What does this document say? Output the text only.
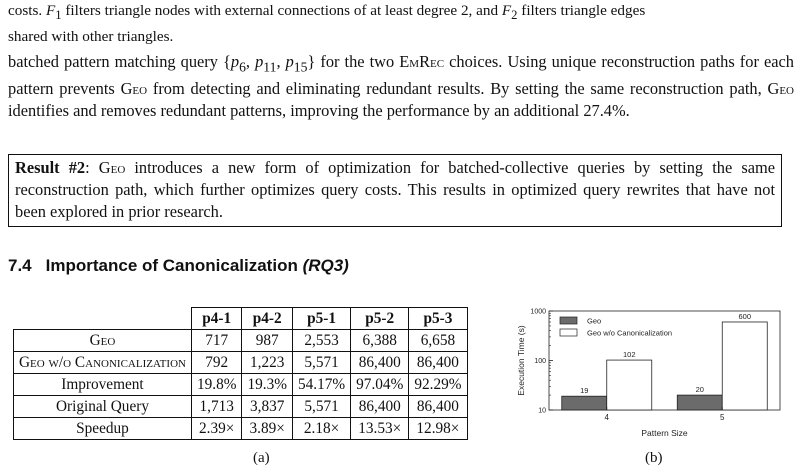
costs. $F_1$ filters triangle nodes with external connections of at least degree 2, and $F_2$ filters triangle edges
shared with other triangles.

batched pattern matching query {$p_6$, $p_{11}$, $p_{15}$} for the two EmRec choices. Using unique reconstruction paths for each pattern prevents Geo from detecting and eliminating redundant results. By setting the same reconstruction path, Geo identifies and removes redundant patterns, improving the performance by an additional 27.4%.

Result #2: Geo introduces a new form of optimization for batched-collective queries by setting the same reconstruction path, which further optimizes query costs. This results in optimized query rewrites that have not been explored in prior research.
7.4 Importance of Canonicalization (RQ3)
	p4-1	p4-2	p5-1	p5-2	p5-3
Geo	717	987	2,553	6,388	6,658
Geo w/o Canonicalization	792	1,223	5,571	86,400	86,400
Improvement	19.8%	19.3%	54.17%	97.04%	92.29%
Original Query	1,713	3,837	5,571	86,400	86,400
Speedup	2.39×	3.89×	2.18×	13.53×	12.98×
(a)
10
100
1000
Execution Time (s)	19
102
4
20
600
5
Pattern Size
Geo
Geo w/o Canonicalization
(b)
